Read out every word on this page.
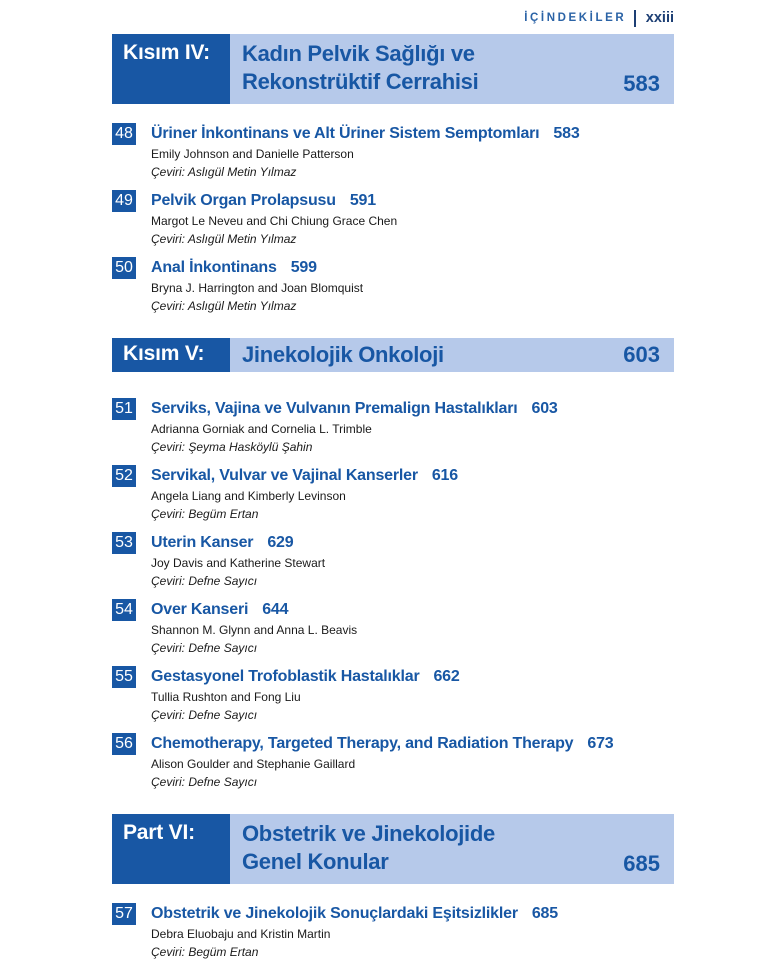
İÇİNDEKİLER xxiii
Kısım IV:	Kadın Pelvik Sağlığı ve
Rekonstrüktif Cerrahisi	583
48 Üriner İnkontinans ve Alt Üriner Sistem Semptomları 583
Emily Johnson and Danielle Patterson
Çeviri: Aslıgül Metin Yılmaz
49 Pelvik Organ Prolapsusu 591
Margot Le Neveu and Chi Chiung Grace Chen
Çeviri: Aslıgül Metin Yılmaz
50 Anal İnkontinans 599
Bryna J. Harrington and Joan Blomquist
Çeviri: Aslıgül Metin Yılmaz
Kısım V:	Jinekolojik Onkoloji	603
51 Serviks, Vajina ve Vulvanın Premalign Hastalıkları 603
Adrianna Gorniak and Cornelia L. Trimble
Çeviri: Şeyma Hasköylü Şahin
52 Servikal, Vulvar ve Vajinal Kanserler 616
Angela Liang and Kimberly Levinson
Çeviri: Begüm Ertan
53 Uterin Kanser 629
Joy Davis and Katherine Stewart
Çeviri: Defne Sayıcı
54 Over Kanseri 644
Shannon M. Glynn and Anna L. Beavis
Çeviri: Defne Sayıcı
55 Gestasyonel Trofoblastik Hastalıklar 662
Tullia Rushton and Fong Liu
Çeviri: Defne Sayıcı
56 Chemotherapy, Targeted Therapy, and Radiation Therapy 673
Alison Goulder and Stephanie Gaillard
Çeviri: Defne Sayıcı
Part VI:	Obstetrik ve Jinekolojide
Genel Konular	685
57 Obstetrik ve Jinekolojik Sonuçlardaki Eşitsizlikler 685
Debra Eluobaju and Kristin Martin
Çeviri: Begüm Ertan
